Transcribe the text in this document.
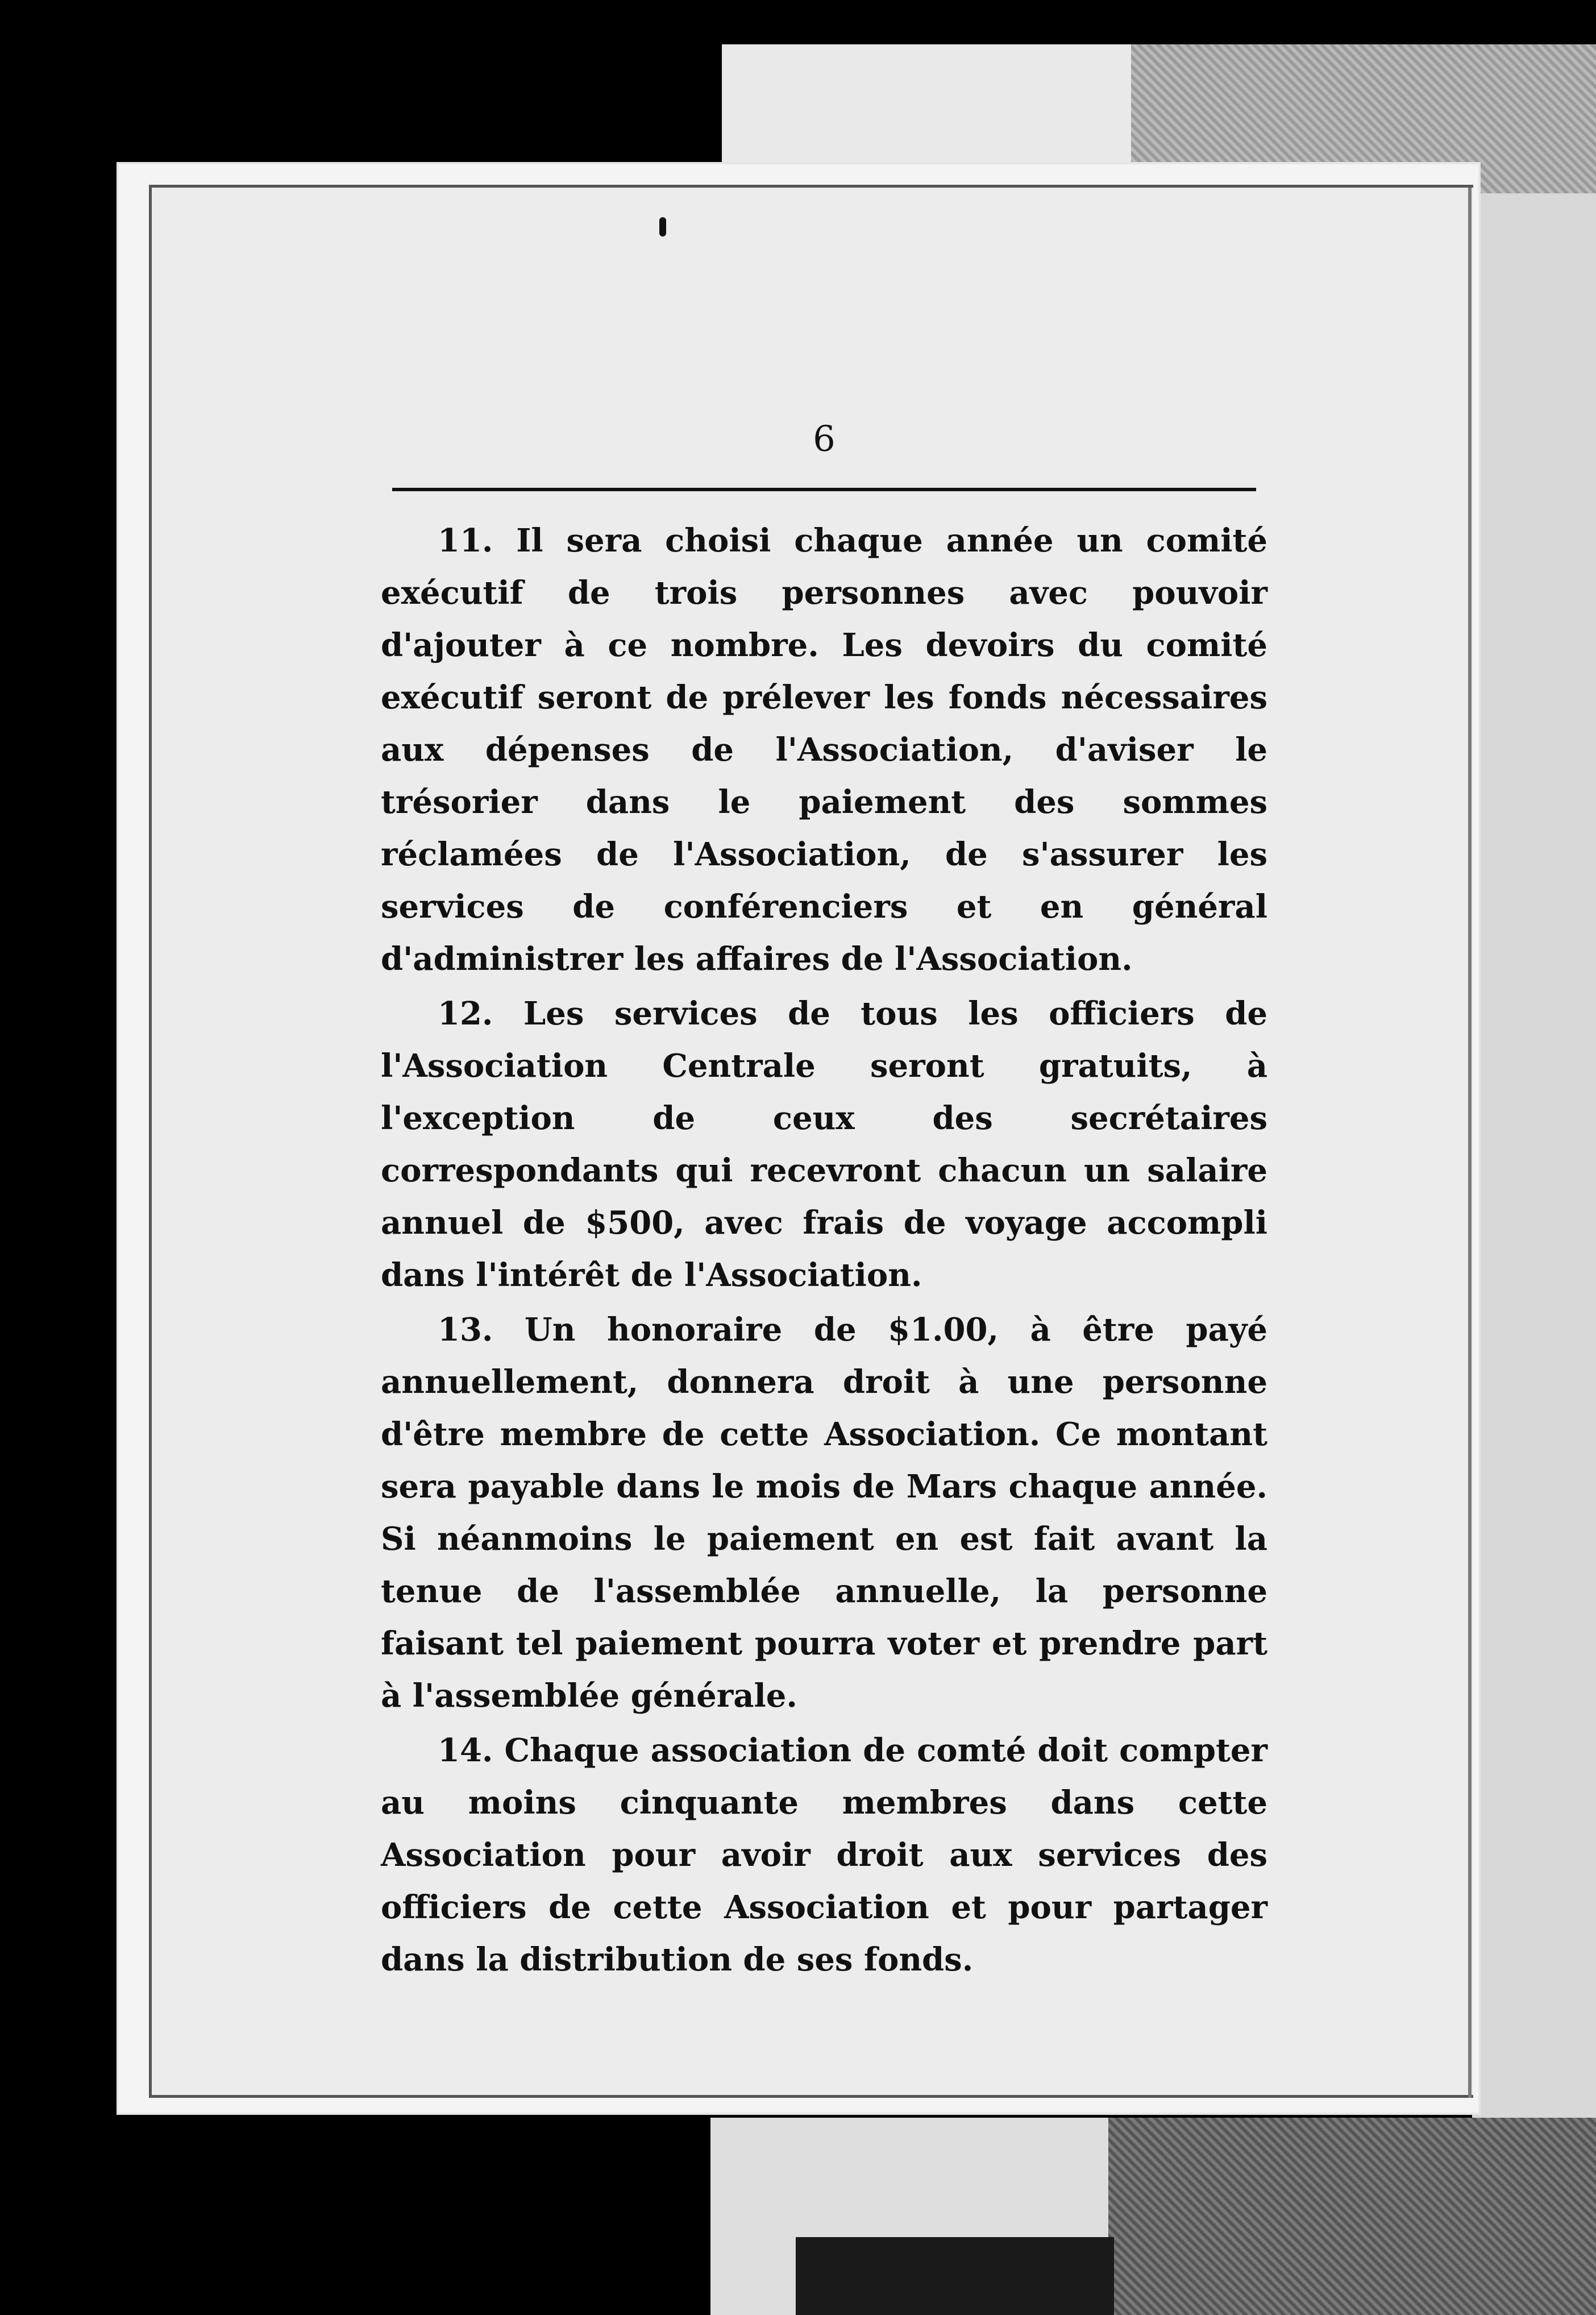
6

11. Il sera choisi chaque année un comité exécutif de trois personnes avec pouvoir d'ajouter à ce nombre. Les devoirs du comité exécutif seront de prélever les fonds nécessaires aux dépenses de l'Association, d'aviser le trésorier dans le paiement des sommes réclamées de l'Association, de s'assurer les services de conférenciers et en général d'administrer les affaires de l'Association.

12. Les services de tous les officiers de l'Association Centrale seront gratuits, à l'exception de ceux des secrétaires correspondants qui recevront chacun un salaire annuel de $500, avec frais de voyage accompli dans l'intérêt de l'Association.

13. Un honoraire de $1.00, à être payé annuellement, donnera droit à une personne d'être membre de cette Association. Ce montant sera payable dans le mois de Mars chaque année. Si néanmoins le paiement en est fait avant la tenue de l'assemblée annuelle, la personne faisant tel paiement pourra voter et prendre part à l'assemblée générale.

14. Chaque association de comté doit compter au moins cinquante membres dans cette Association pour avoir droit aux services des officiers de cette Association et pour partager dans la distribution de ses fonds.
